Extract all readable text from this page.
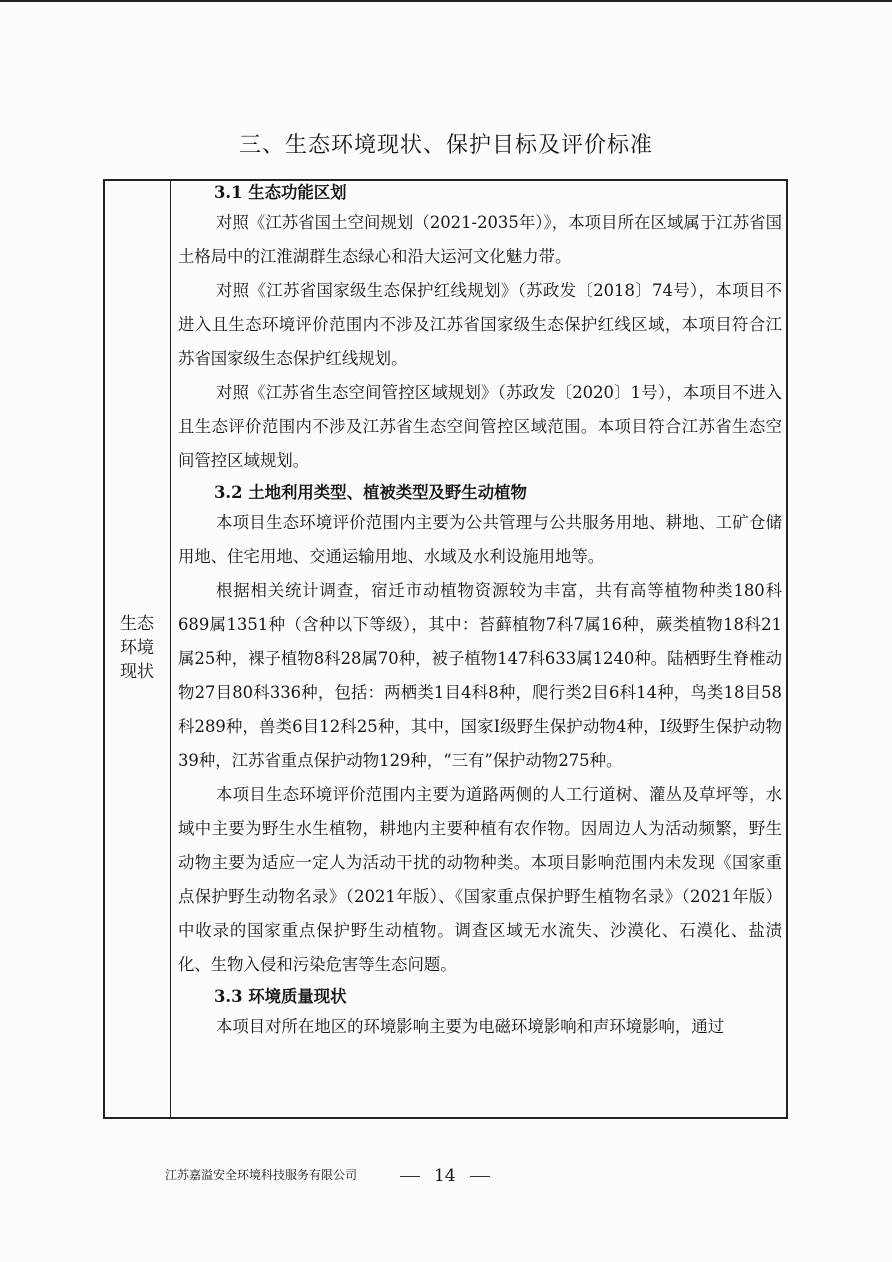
三、生态环境现状、保护目标及评价标准
生态
环境
现状

3.1 生态功能区划

对照《江苏省国土空间规划（2021-2035年）》，本项目所在区域属于江苏省国土格局中的江淮湖群生态绿心和沿大运河文化魅力带。

对照《江苏省国家级生态保护红线规划》（苏政发〔2018〕74号），本项目不进入且生态环境评价范围内不涉及江苏省国家级生态保护红线区域，本项目符合江苏省国家级生态保护红线规划。

对照《江苏省生态空间管控区域规划》（苏政发〔2020〕1号），本项目不进入且生态评价范围内不涉及江苏省生态空间管控区域范围。本项目符合江苏省生态空间管控区域规划。

3.2 土地利用类型、植被类型及野生动植物

本项目生态环境评价范围内主要为公共管理与公共服务用地、耕地、工矿仓储用地、住宅用地、交通运输用地、水域及水利设施用地等。

根据相关统计调查，宿迁市动植物资源较为丰富，共有高等植物种类180科689属1351种（含种以下等级），其中：苔藓植物7科7属16种，蕨类植物18科21属25种，裸子植物8科28属70种，被子植物147科633属1240种。陆栖野生脊椎动物27目80科336种，包括：两栖类1目4科8种，爬行类2目6科14种，鸟类18目58科289种，兽类6目12科25种，其中，国家I级野生保护动物4种，I级野生保护动物39种，江苏省重点保护动物129种，“三有”保护动物275种。

本项目生态环境评价范围内主要为道路两侧的人工行道树、灌丛及草坪等，水域中主要为野生水生植物，耕地内主要种植有农作物。因周边人为活动频繁，野生动物主要为适应一定人为活动干扰的动物种类。本项目影响范围内未发现《国家重点保护野生动物名录》（2021年版）、《国家重点保护野生植物名录》（2021年版）中收录的国家重点保护野生动植物。调查区域无水流失、沙漠化、石漠化、盐渍化、生物入侵和污染危害等生态问题。

3.3 环境质量现状

本项目对所在地区的环境影响主要为电磁环境影响和声环境影响，通过

江苏嘉溢安全环境科技服务有限公司	14
